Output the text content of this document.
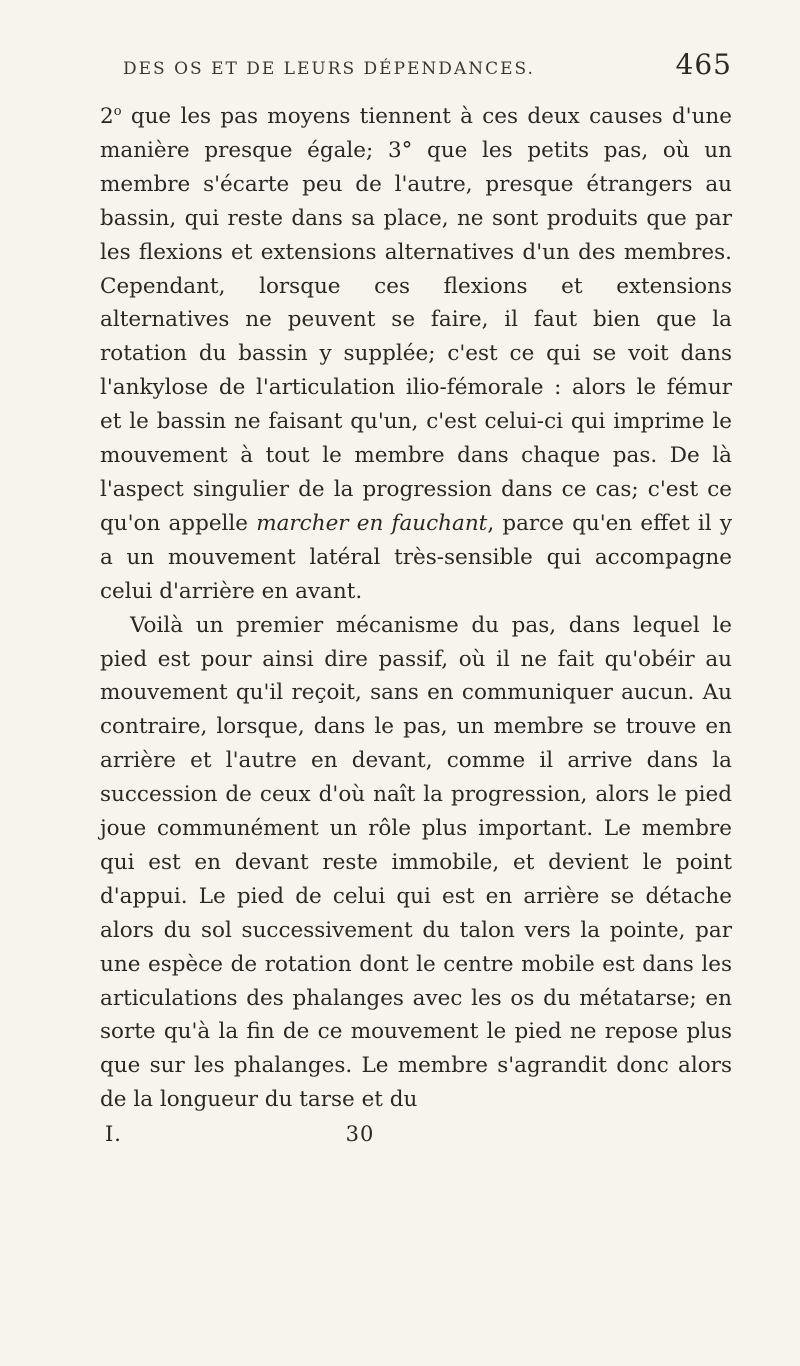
DES OS ET DE LEURS DÉPENDANCES.	465

2$^o$ que les pas moyens tiennent à ces deux causes d'une manière presque égale; 3° que les petits pas, où un membre s'écarte peu de l'autre, presque étrangers au bassin, qui reste dans sa place, ne sont produits que par les flexions et extensions alternatives d'un des membres. Cependant, lorsque ces flexions et extensions alternatives ne peuvent se faire, il faut bien que la rotation du bassin y supplée; c'est ce qui se voit dans l'ankylose de l'articulation ilio-fémorale : alors le fémur et le bassin ne faisant qu'un, c'est celui-ci qui imprime le mouvement à tout le membre dans chaque pas. De là l'aspect singulier de la progression dans ce cas; c'est ce qu'on appelle marcher en fauchant, parce qu'en effet il y a un mouvement latéral très-sensible qui accompagne celui d'arrière en avant.

Voilà un premier mécanisme du pas, dans lequel le pied est pour ainsi dire passif, où il ne fait qu'obéir au mouvement qu'il reçoit, sans en communiquer aucun. Au contraire, lorsque, dans le pas, un membre se trouve en arrière et l'autre en devant, comme il arrive dans la succession de ceux d'où naît la progression, alors le pied joue communément un rôle plus important. Le membre qui est en devant reste immobile, et devient le point d'appui. Le pied de celui qui est en arrière se détache alors du sol successivement du talon vers la pointe, par une espèce de rotation dont le centre mobile est dans les articulations des phalanges avec les os du métatarse; en sorte qu'à la fin de ce mouvement le pied ne repose plus que sur les phalanges. Le membre s'agrandit donc alors de la longueur du tarse et du

I.	30
